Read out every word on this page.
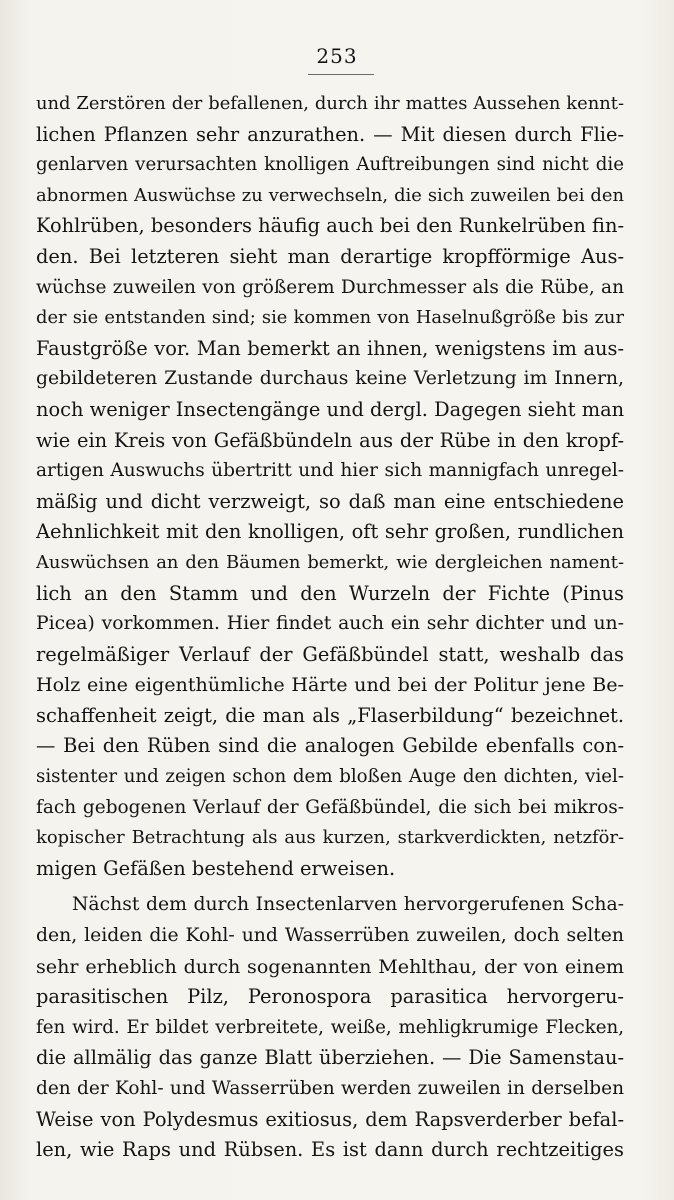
253
und Zerstören der befallenen, durch ihr mattes Aussehen kennt-
lichen Pflanzen sehr anzurathen. — Mit diesen durch Flie-
genlarven verursachten knolligen Auftreibungen sind nicht die
abnormen Auswüchse zu verwechseln, die sich zuweilen bei den
Kohlrüben, besonders häufig auch bei den Runkelrüben fin-
den. Bei letzteren sieht man derartige kropfförmige Aus-
wüchse zuweilen von größerem Durchmesser als die Rübe, an
der sie entstanden sind; sie kommen von Haselnußgröße bis zur
Faustgröße vor. Man bemerkt an ihnen, wenigstens im aus-
gebildeteren Zustande durchaus keine Verletzung im Innern,
noch weniger Insectengänge und dergl. Dagegen sieht man
wie ein Kreis von Gefäßbündeln aus der Rübe in den kropf-
artigen Auswuchs übertritt und hier sich mannigfach unregel-
mäßig und dicht verzweigt, so daß man eine entschiedene
Aehnlichkeit mit den knolligen, oft sehr großen, rundlichen
Auswüchsen an den Bäumen bemerkt, wie dergleichen nament-
lich an den Stamm und den Wurzeln der Fichte (Pinus
Picea) vorkommen. Hier findet auch ein sehr dichter und un-
regelmäßiger Verlauf der Gefäßbündel statt, weshalb das
Holz eine eigenthümliche Härte und bei der Politur jene Be-
schaffenheit zeigt, die man als „Flaserbildung“ bezeichnet.
— Bei den Rüben sind die analogen Gebilde ebenfalls con-
sistenter und zeigen schon dem bloßen Auge den dichten, viel-
fach gebogenen Verlauf der Gefäßbündel, die sich bei mikros-
kopischer Betrachtung als aus kurzen, starkverdickten, netzför-
migen Gefäßen bestehend erweisen.
Nächst dem durch Insectenlarven hervorgerufenen Scha-
den, leiden die Kohl- und Wasserrüben zuweilen, doch selten
sehr erheblich durch sogenannten Mehlthau, der von einem
parasitischen Pilz, Peronospora parasitica hervorgeru-
fen wird. Er bildet verbreitete, weiße, mehligkrumige Flecken,
die allmälig das ganze Blatt überziehen. — Die Samenstau-
den der Kohl- und Wasserrüben werden zuweilen in derselben
Weise von Polydesmus exitiosus, dem Rapsverderber befal-
len, wie Raps und Rübsen. Es ist dann durch rechtzeitiges
